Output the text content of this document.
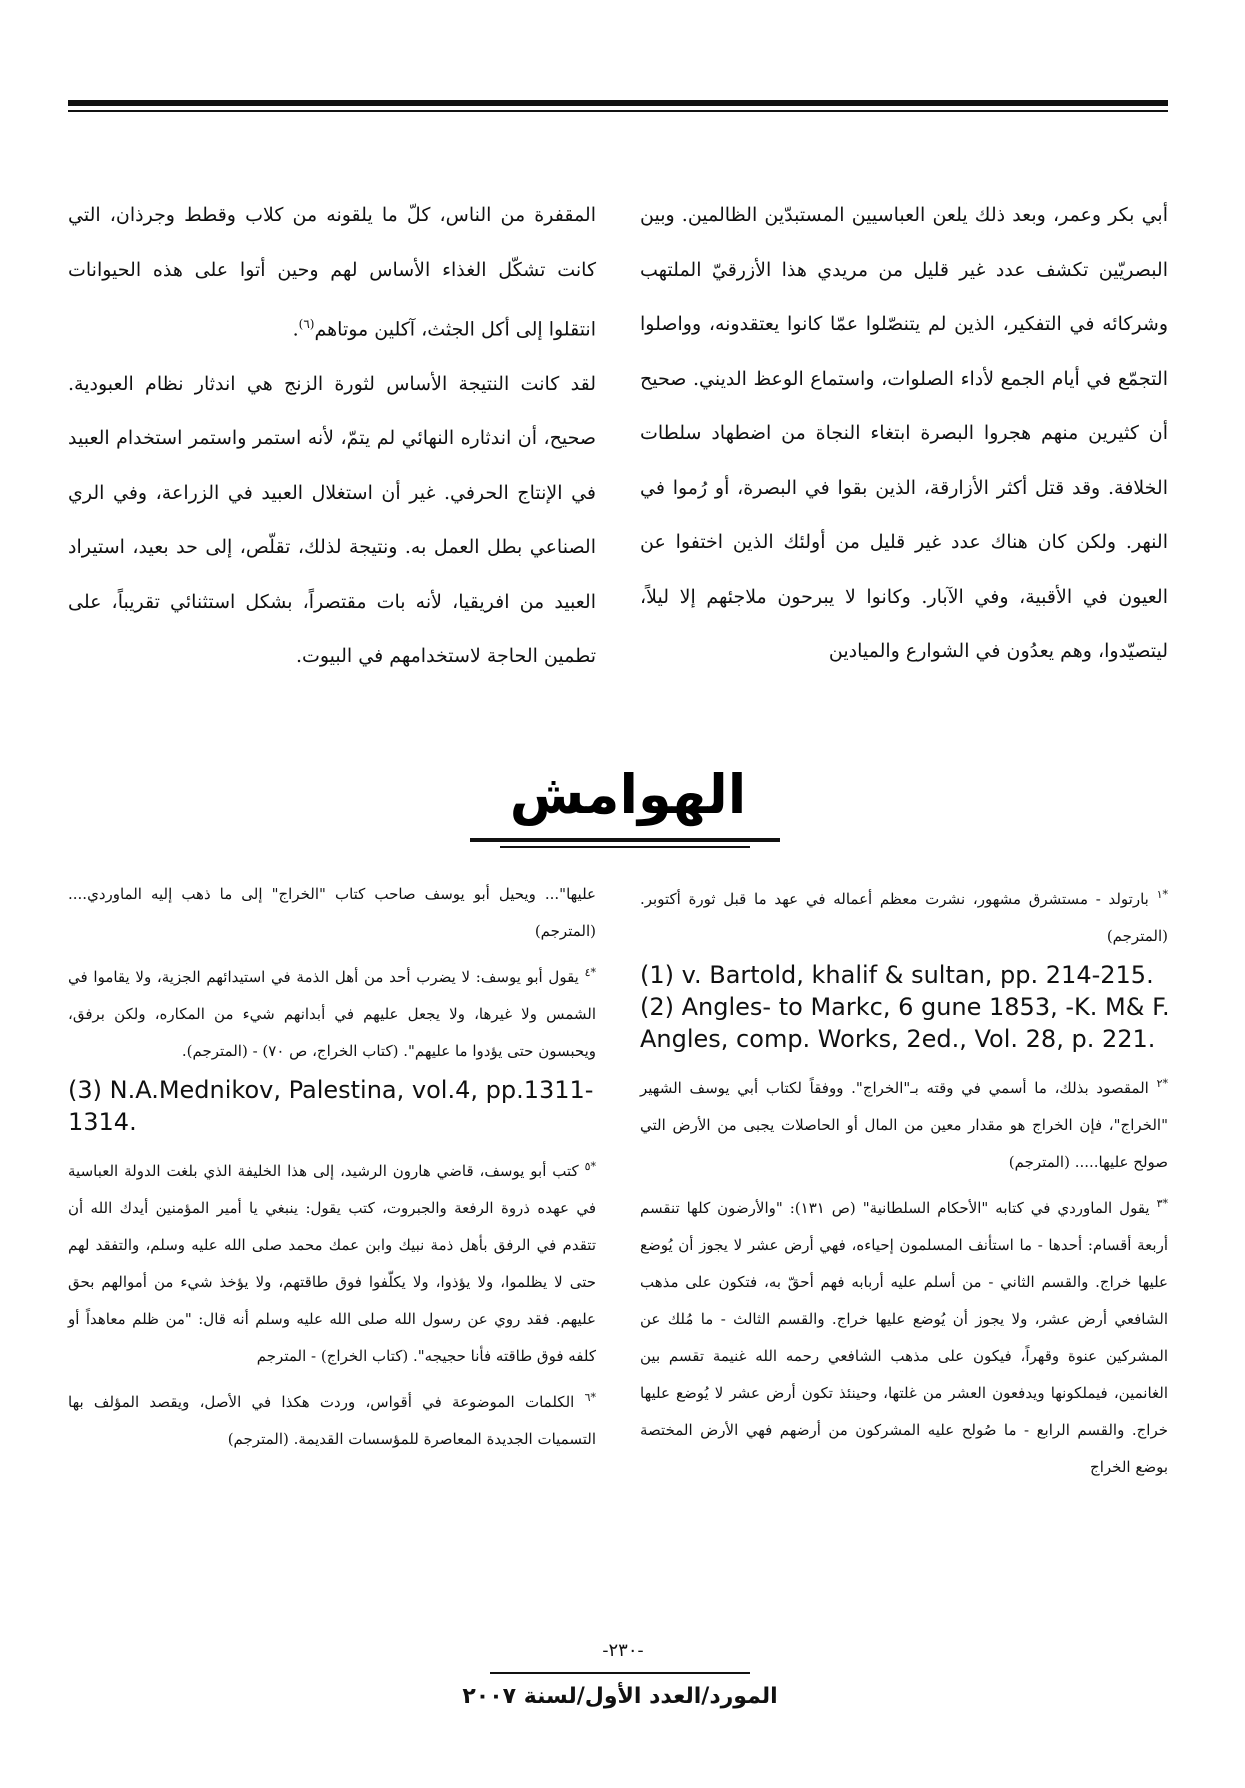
أبي بكر وعمر، وبعد ذلك يلعن العباسيين المستبدّين الظالمين. وبين البصريّين تكشف عدد غير قليل من مريدي هذا الأزرقيّ الملتهب وشركائه في التفكير، الذين لم يتنصّلوا عمّا كانوا يعتقدونه، وواصلوا التجمّع في أيام الجمع لأداء الصلوات، واستماع الوعظ الديني. صحيح أن كثيرين منهم هجروا البصرة ابتغاء النجاة من اضطهاد سلطات الخلافة. وقد قتل أكثر الأزارقة، الذين بقوا في البصرة، أو رُموا في النهر. ولكن كان هناك عدد غير قليل من أولئك الذين اختفوا عن العيون في الأقبية، وفي الآبار. وكانوا لا يبرحون ملاجئهم إلا ليلاً، ليتصيّدوا، وهم يعدُون في الشوارع والميادين

المقفرة من الناس، كلّ ما يلقونه من كلاب وقطط وجرذان، التي كانت تشكّل الغذاء الأساس لهم وحين أتوا على هذه الحيوانات انتقلوا إلى أكل الجثث، آكلين موتاهم$^{(٦)}$.

لقد كانت النتيجة الأساس لثورة الزنج هي اندثار نظام العبودية. صحيح، أن اندثاره النهائي لم يتمّ، لأنه استمر واستمر استخدام العبيد في الإنتاج الحرفي. غير أن استغلال العبيد في الزراعة، وفي الري الصناعي بطل العمل به. ونتيجة لذلك، تقلّص، إلى حد بعيد، استيراد العبيد من افريقيا، لأنه بات مقتصراً، بشكل استثنائي تقريباً، على تطمين الحاجة لاستخدامهم في البيوت.

الهوامش

$^{*١}$ بارتولد - مستشرق مشهور، نشرت معظم أعماله في عهد ما قبل ثورة أكتوبر. (المترجم)

(1) v. Bartold, khalif & sultan, pp. 214-215.
(2) Angles- to Markc, 6 gune 1853, -K. M& F.
Angles, comp. Works, 2ed., Vol. 28, p. 221.

$^{*٢}$ المقصود بذلك، ما أسمي في وقته بـ"الخراج". ووفقاً لكتاب أبي يوسف الشهير "الخراج"، فإن الخراج هو مقدار معين من المال أو الحاصلات يجبى من الأرض التي صولح عليها..... (المترجم)

$^{*٣}$ يقول الماوردي في كتابه "الأحكام السلطانية" (ص ١٣١): "والأرضون كلها تنقسم أربعة أقسام: أحدها - ما استأنف المسلمون إحياءه، فهي أرض عشر لا يجوز أن يُوضع عليها خراج. والقسم الثاني - من أسلم عليه أربابه فهم أحقّ به، فتكون على مذهب الشافعي أرض عشر، ولا يجوز أن يُوضع عليها خراج. والقسم الثالث - ما مُلك عن المشركين عنوة وقهراً، فيكون على مذهب الشافعي رحمه الله غنيمة تقسم بين الغانمين، فيملكونها ويدفعون العشر من غلتها، وحينئذ تكون أرض عشر لا يُوضع عليها خراج. والقسم الرابع - ما صُولح عليه المشركون من أرضهم فهي الأرض المختصة بوضع الخراج

عليها"... ويحيل أبو يوسف صاحب كتاب "الخراج" إلى ما ذهب إليه الماوردي.... (المترجم)

$^{*٤}$ يقول أبو يوسف: لا يضرب أحد من أهل الذمة في استيدائهم الجزية، ولا يقاموا في الشمس ولا غيرها، ولا يجعل عليهم في أبدانهم شيء من المكاره، ولكن برفق، ويحبسون حتى يؤدوا ما عليهم". (كتاب الخراج، ص ٧٠) - (المترجم).

(3) N.A.Mednikov, Palestina, vol.4, pp.1311-
1314.

$^{*٥}$ كتب أبو يوسف، قاضي هارون الرشيد، إلى هذا الخليفة الذي بلغت الدولة العباسية في عهده ذروة الرفعة والجبروت، كتب يقول: ينبغي يا أمير المؤمنين أيدك الله أن تتقدم في الرفق بأهل ذمة نبيك وابن عمك محمد صلى الله عليه وسلم، والتفقد لهم حتى لا يظلموا، ولا يؤذوا، ولا يكلّفوا فوق طاقتهم، ولا يؤخذ شيء من أموالهم بحق عليهم. فقد روي عن رسول الله صلى الله عليه وسلم أنه قال: "من ظلم معاهداً أو كلفه فوق طاقته فأنا حجيجه". (كتاب الخراج) - المترجم

$^{*٦}$ الكلمات الموضوعة في أقواس، وردت هكذا في الأصل، ويقصد المؤلف بها التسميات الجديدة المعاصرة للمؤسسات القديمة. (المترجم)

-٢٣٠-
المورد/العدد الأول/لسنة ٢٠٠٧
